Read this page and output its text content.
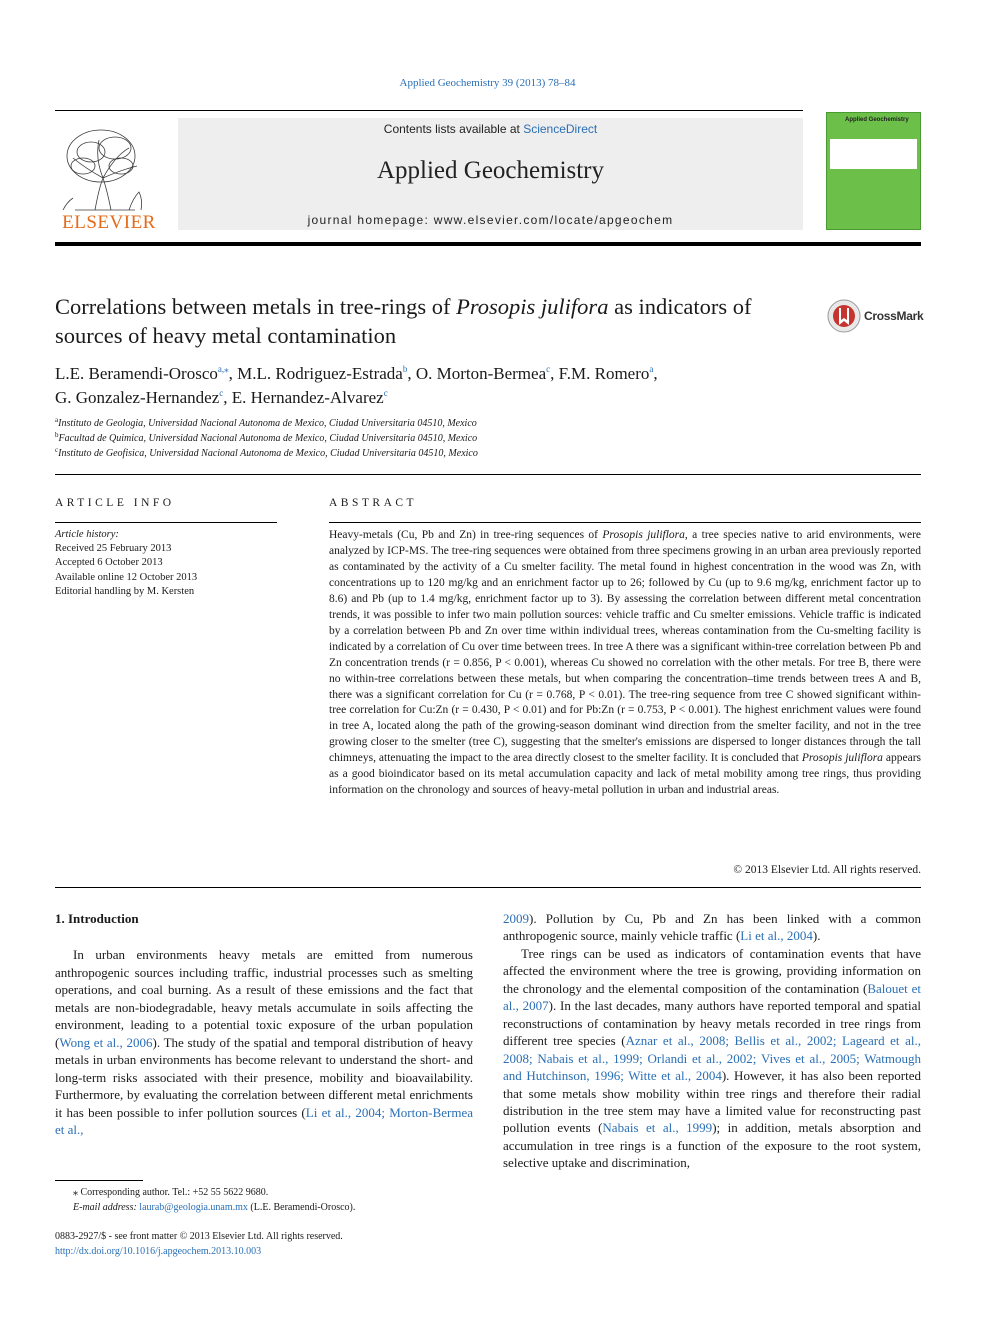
Applied Geochemistry 39 (2013) 78–84
ELSEVIER
Contents lists available at ScienceDirect
Applied Geochemistry
journal homepage: www.elsevier.com/locate/apgeochem
Applied Geochemistry
Correlations between metals in tree-rings of Prosopis julifora as indicators of sources of heavy metal contamination
CrossMark
L.E. Beramendi-Orosco$^{a,⁎}$, M.L. Rodriguez-Estrada$^b$, O. Morton-Bermea$^c$, F.M. Romero$^a$,
G. Gonzalez-Hernandez$^c$, E. Hernandez-Alvarez$^c$
$^a$Instituto de Geologia, Universidad Nacional Autonoma de Mexico, Ciudad Universitaria 04510, Mexico
$^b$Facultad de Quimica, Universidad Nacional Autonoma de Mexico, Ciudad Universitaria 04510, Mexico
$^c$Instituto de Geofisica, Universidad Nacional Autonoma de Mexico, Ciudad Universitaria 04510, Mexico
ARTICLE INFO
Article history:
Received 25 February 2013
Accepted 6 October 2013
Available online 12 October 2013
Editorial handling by M. Kersten
ABSTRACT
Heavy-metals (Cu, Pb and Zn) in tree-ring sequences of Prosopis juliflora, a tree species native to arid environments, were analyzed by ICP-MS. The tree-ring sequences were obtained from three specimens growing in an urban area previously reported as contaminated by the activity of a Cu smelter facility. The metal found in highest concentration in the wood was Zn, with concentrations up to 120 mg/kg and an enrichment factor up to 26; followed by Cu (up to 9.6 mg/kg, enrichment factor up to 8.6) and Pb (up to 1.4 mg/kg, enrichment factor up to 3). By assessing the correlation between different metal concentration trends, it was possible to infer two main pollution sources: vehicle traffic and Cu smelter emissions. Vehicle traffic is indicated by a correlation between Pb and Zn over time within individual trees, whereas contamination from the Cu-smelting facility is indicated by a correlation of Cu over time between trees. In tree A there was a significant within-tree correlation between Pb and Zn concentration trends (r = 0.856, P < 0.001), whereas Cu showed no correlation with the other metals. For tree B, there were no within-tree correlations between these metals, but when comparing the concentration–time trends between trees A and B, there was a significant correlation for Cu (r = 0.768, P < 0.01). The tree-ring sequence from tree C showed significant within-tree correlation for Cu:Zn (r = 0.430, P < 0.01) and for Pb:Zn (r = 0.753, P < 0.001). The highest enrichment values were found in tree A, located along the path of the growing-season dominant wind direction from the smelter facility, and not in the tree growing closer to the smelter (tree C), suggesting that the smelter's emissions are dispersed to longer distances through the tall chimneys, attenuating the impact to the area directly closest to the smelter facility. It is concluded that Prosopis juliflora appears as a good bioindicator based on its metal accumulation capacity and lack of metal mobility among tree rings, thus providing information on the chronology and sources of heavy-metal pollution in urban and industrial areas.
© 2013 Elsevier Ltd. All rights reserved.
1. Introduction

In urban environments heavy metals are emitted from numerous anthropogenic sources including traffic, industrial processes such as smelting operations, and coal burning. As a result of these emissions and the fact that metals are non-biodegradable, heavy metals accumulate in soils affecting the environment, leading to a potential toxic exposure of the urban population (Wong et al., 2006). The study of the spatial and temporal distribution of heavy metals in urban environments has become relevant to understand the short- and long-term risks associated with their presence, mobility and bioavailability. Furthermore, by evaluating the correlation between different metal enrichments it has been possible to infer pollution sources (Li et al., 2004; Morton-Bermea et al.,

2009). Pollution by Cu, Pb and Zn has been linked with a common anthropogenic source, mainly vehicle traffic (Li et al., 2004).

Tree rings can be used as indicators of contamination events that have affected the environment where the tree is growing, providing information on the chronology and the elemental composition of the contamination (Balouet et al., 2007). In the last decades, many authors have reported temporal and spatial reconstructions of contamination by heavy metals recorded in tree rings from different tree species (Aznar et al., 2008; Bellis et al., 2002; Lageard et al., 2008; Nabais et al., 1999; Orlandi et al., 2002; Vives et al., 2005; Watmough and Hutchinson, 1996; Witte et al., 2004). However, it has also been reported that some metals show mobility within tree rings and therefore their radial distribution in the tree stem may have a limited value for reconstructing past pollution events (Nabais et al., 1999); in addition, metals absorption and accumulation in tree rings is a function of the exposure to the root system, selective uptake and discrimination,

⁎ Corresponding author. Tel.: +52 55 5622 9680.
E-mail address: laurab@geologia.unam.mx (L.E. Beramendi-Orosco).
0883-2927/$ - see front matter © 2013 Elsevier Ltd. All rights reserved.
http://dx.doi.org/10.1016/j.apgeochem.2013.10.003
